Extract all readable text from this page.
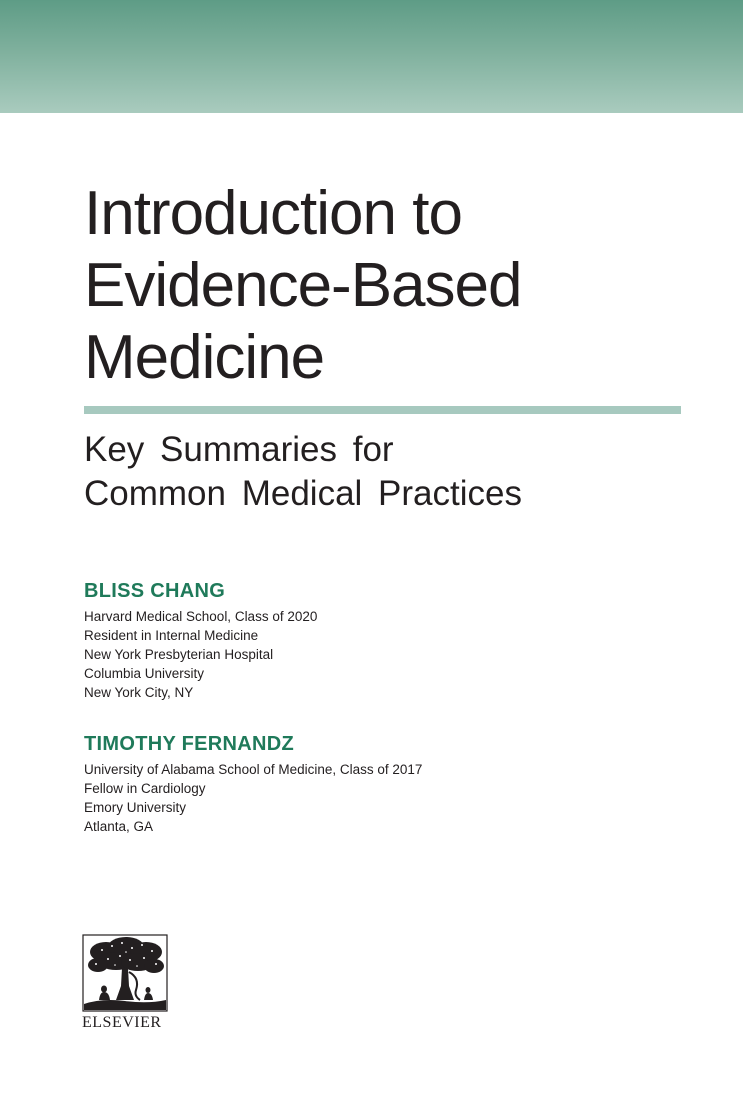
Introduction to
Evidence-Based
Medicine
Key Summaries for
Common Medical Practices
BLISS CHANG
Harvard Medical School, Class of 2020
Resident in Internal Medicine
New York Presbyterian Hospital
Columbia University
New York City, NY
TIMOTHY FERNANDZ
University of Alabama School of Medicine, Class of 2017
Fellow in Cardiology
Emory University
Atlanta, GA
ELSEVIER
